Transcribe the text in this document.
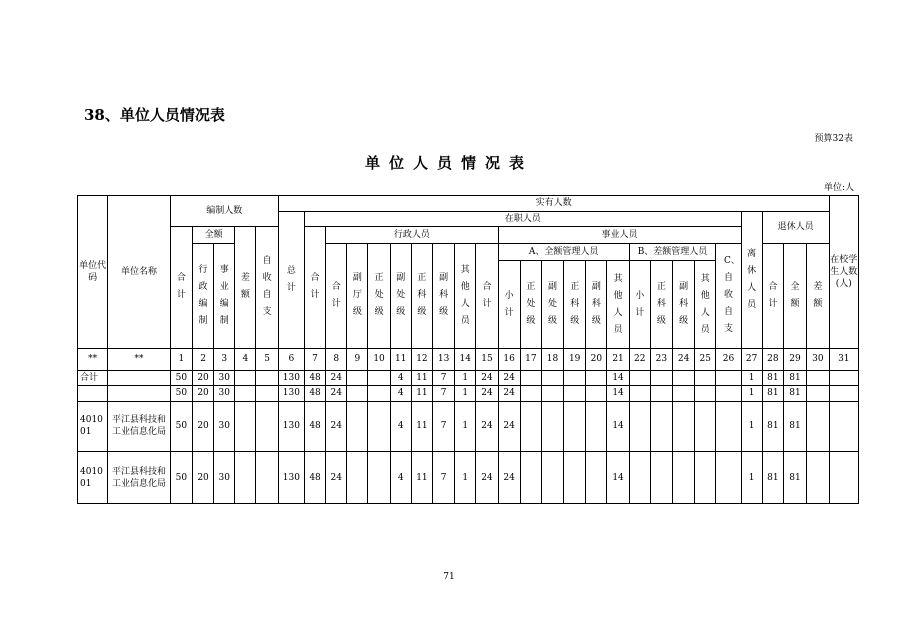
38、单位人员情况表
预算32表
单位人员情况表
单位:人
单位代码	单位名称	编制人数					实有人数																									在校学生人数(人)
							总计	在职人员																				离休人员	退休人员			
		合计	全额		差额	自收自支		合计	行政人员								事业人员															
			行政编制	事业编制					合计	副厅级	正处级	副处级	正科级	副科级	其他人员	合计	A、全额管理人员						B、差额管理人员				C、自收自支		合计	全额	差额	
																	小计	正处级	副处级	正科级	副科级	其他人员	小计	正科级	副科级	其他人员						
**	**	1	2	3	4	5	6	7	8	9	10	11	12	13	14	15	16	17	18	19	20	21	22	23	24	25	26	27	28	29	30	31
合计		50	20	30			130	48	24			4	11	7	1	24	24					14						1	81	81		
		50	20	30			130	48	24			4	11	7	1	24	24					14						1	81	81		
401001	平江县科技和工业信息化局	50	20	30			130	48	24			4	11	7	1	24	24					14						1	81	81		
401001	平江县科技和工业信息化局	50	20	30			130	48	24			4	11	7	1	24	24					14						1	81	81		
71
